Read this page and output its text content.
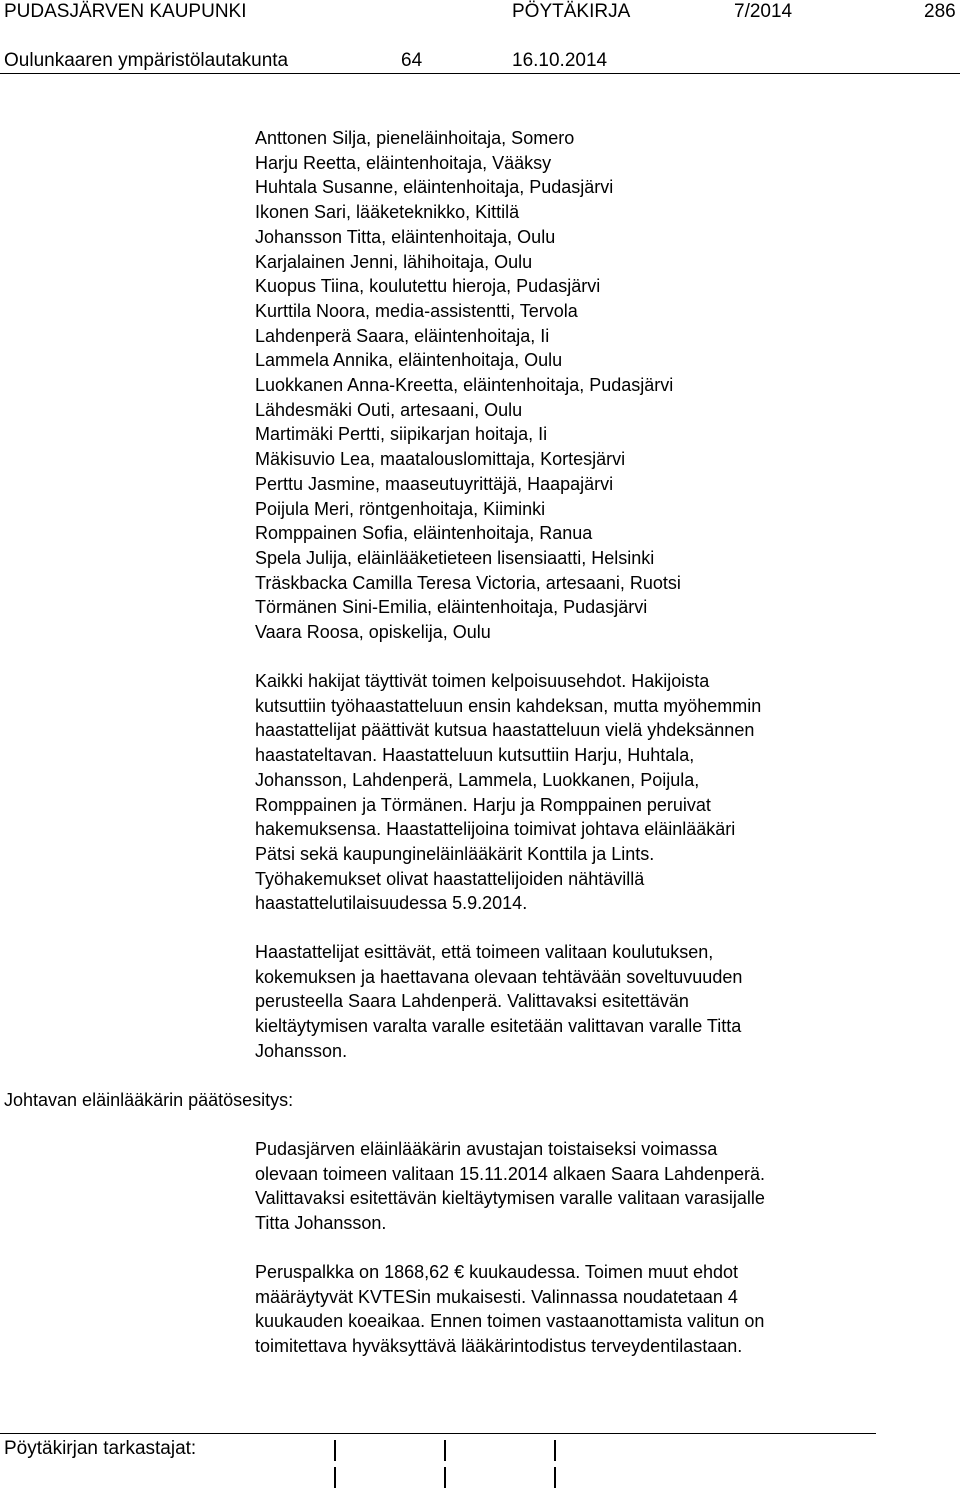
PUDASJÄRVEN KAUPUNKI	PÖYTÄKIRJA	7/2014	286
Oulunkaaren ympäristölautakunta	64	16.10.2014
Anttonen Silja, pieneläinhoitaja, Somero
Harju Reetta, eläintenhoitaja, Vääksy
Huhtala Susanne, eläintenhoitaja, Pudasjärvi
Ikonen Sari, lääketeknikko, Kittilä
Johansson Titta, eläintenhoitaja, Oulu
Karjalainen Jenni, lähihoitaja, Oulu
Kuopus Tiina, koulutettu hieroja, Pudasjärvi
Kurttila Noora, media-assistentti, Tervola
Lahdenperä Saara, eläintenhoitaja, Ii
Lammela Annika, eläintenhoitaja, Oulu
Luokkanen Anna-Kreetta, eläintenhoitaja, Pudasjärvi
Lähdesmäki Outi, artesaani, Oulu
Martimäki Pertti, siipikarjan hoitaja, Ii
Mäkisuvio Lea, maatalouslomittaja, Kortesjärvi
Perttu Jasmine, maaseutuyrittäjä, Haapajärvi
Poijula Meri, röntgenhoitaja, Kiiminki
Romppainen Sofia, eläintenhoitaja, Ranua
Spela Julija, eläinlääketieteen lisensiaatti, Helsinki
Träskbacka Camilla Teresa Victoria, artesaani, Ruotsi
Törmänen Sini-Emilia, eläintenhoitaja, Pudasjärvi
Vaara Roosa, opiskelija, Oulu

Kaikki hakijat täyttivät toimen kelpoisuusehdot. Hakijoista
kutsuttiin työhaastatteluun ensin kahdeksan, mutta myöhemmin
haastattelijat päättivät kutsua haastatteluun vielä yhdeksännen
haastateltavan. Haastatteluun kutsuttiin Harju, Huhtala,
Johansson, Lahdenperä, Lammela, Luokkanen, Poijula,
Romppainen ja Törmänen. Harju ja Romppainen peruivat
hakemuksensa. Haastattelijoina toimivat johtava eläinlääkäri
Pätsi sekä kaupungineläinlääkärit Konttila ja Lints.
Työhakemukset olivat haastattelijoiden nähtävillä
haastattelutilaisuudessa 5.9.2014.

Haastattelijat esittävät, että toimeen valitaan koulutuksen,
kokemuksen ja haettavana olevaan tehtävään soveltuvuuden
perusteella Saara Lahdenperä. Valittavaksi esitettävän
kieltäytymisen varalta varalle esitetään valittavan varalle Titta
Johansson.

Johtavan eläinlääkärin päätösesitys:

Pudasjärven eläinlääkärin avustajan toistaiseksi voimassa
olevaan toimeen valitaan 15.11.2014 alkaen Saara Lahdenperä.
Valittavaksi esitettävän kieltäytymisen varalle valitaan varasijalle
Titta Johansson.

Peruspalkka on 1868,62 € kuukaudessa. Toimen muut ehdot
määräytyvät KVTESin mukaisesti. Valinnassa noudatetaan 4
kuukauden koeaikaa. Ennen toimen vastaanottamista valitun on
toimitettava hyväksyttävä lääkärintodistus terveydentilastaan.

Pöytäkirjan tarkastajat:
